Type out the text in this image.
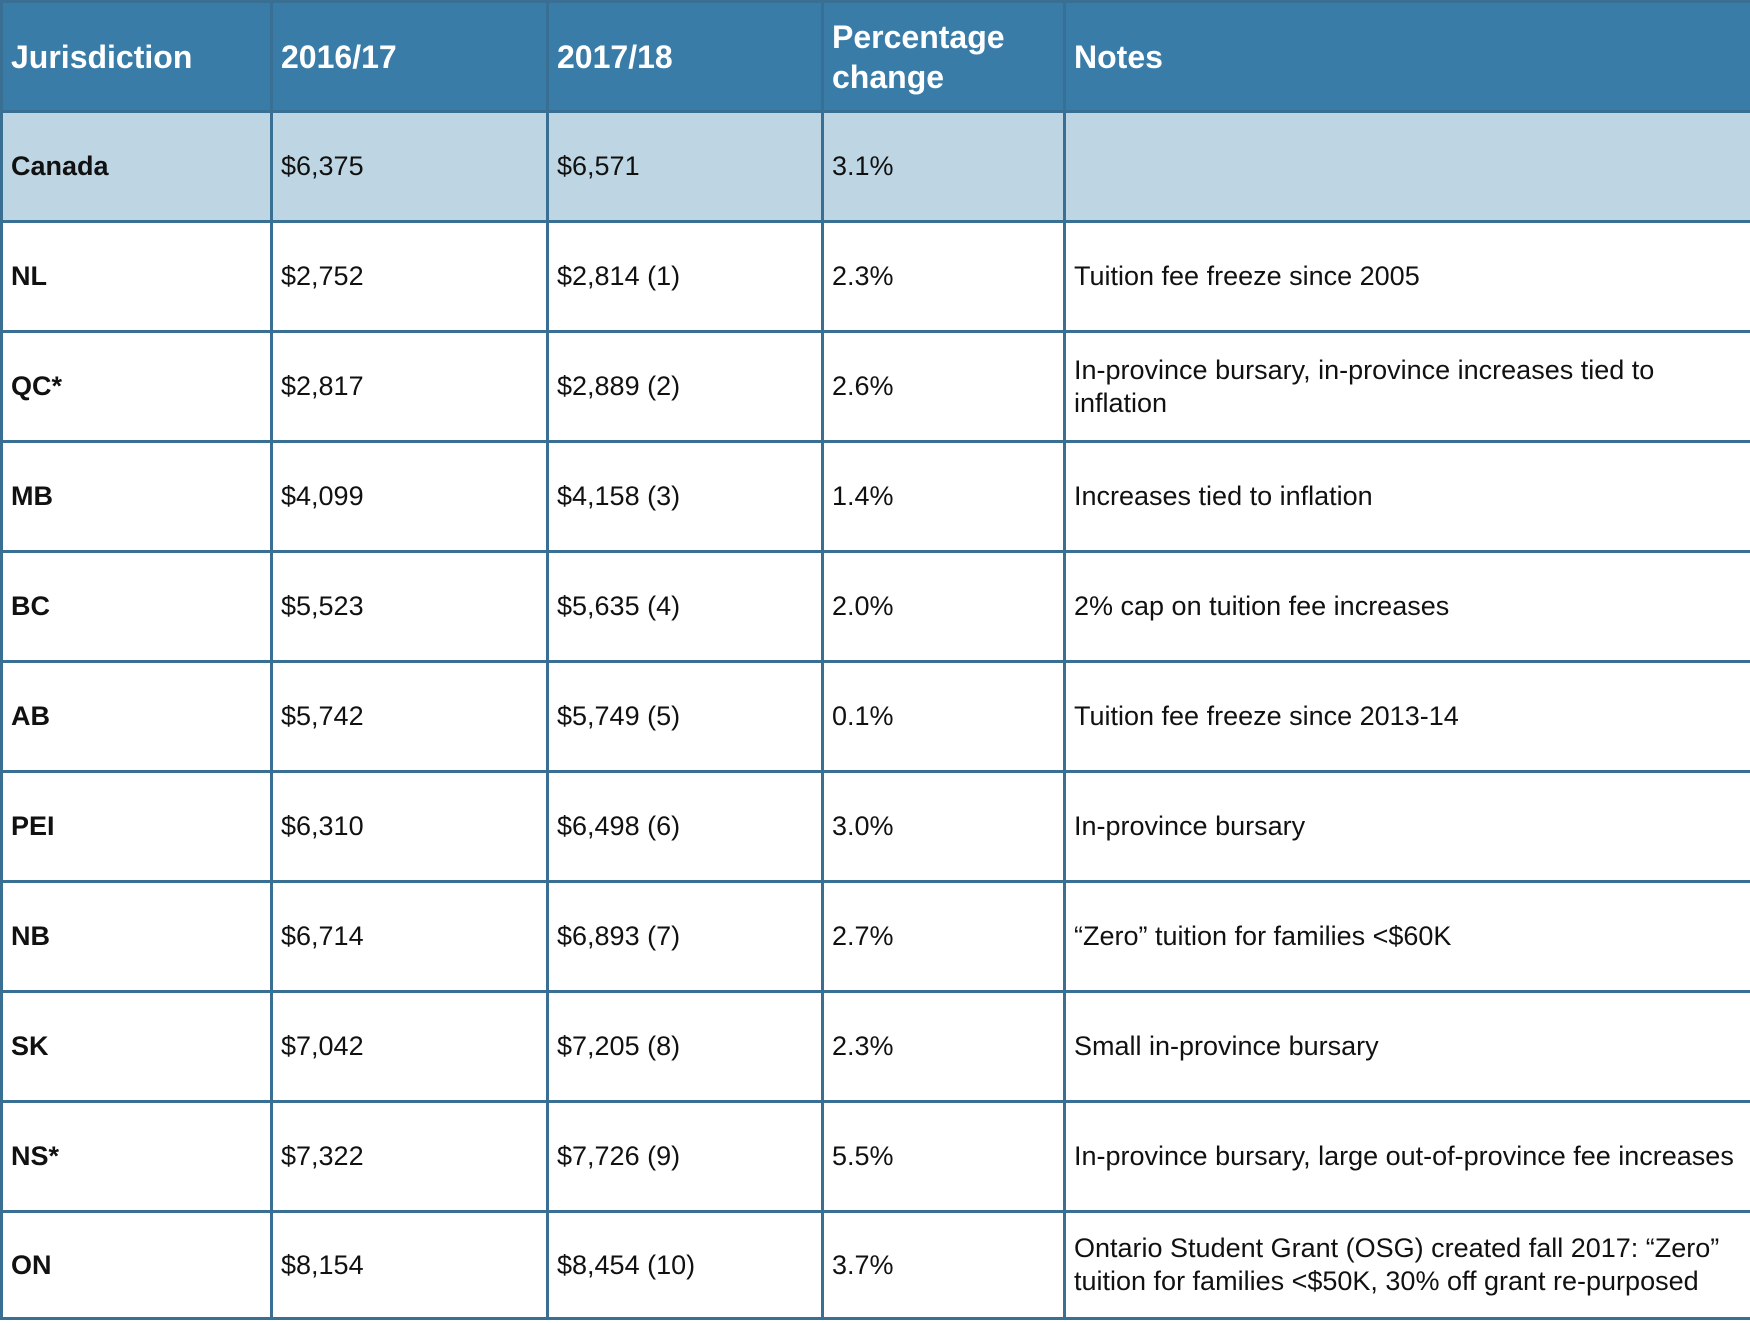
Jurisdiction	2016/17	2017/18	Percentage change	Notes
Canada	$6,375	$6,571	3.1%	
NL	$2,752	$2,814 (1)	2.3%	Tuition fee freeze since 2005
QC*	$2,817	$2,889 (2)	2.6%	In-province bursary, in-province increases tied to inflation
MB	$4,099	$4,158 (3)	1.4%	Increases tied to inflation
BC	$5,523	$5,635 (4)	2.0%	2% cap on tuition fee increases
AB	$5,742	$5,749 (5)	0.1%	Tuition fee freeze since 2013-14
PEI	$6,310	$6,498 (6)	3.0%	In-province bursary
NB	$6,714	$6,893 (7)	2.7%	“Zero” tuition for families <$60K
SK	$7,042	$7,205 (8)	2.3%	Small in-province bursary
NS*	$7,322	$7,726 (9)	5.5%	In-province bursary, large out-of-province fee increases
ON	$8,154	$8,454 (10)	3.7%	Ontario Student Grant (OSG) created fall 2017: “Zero” tuition for families <$50K, 30% off grant re-purposed
